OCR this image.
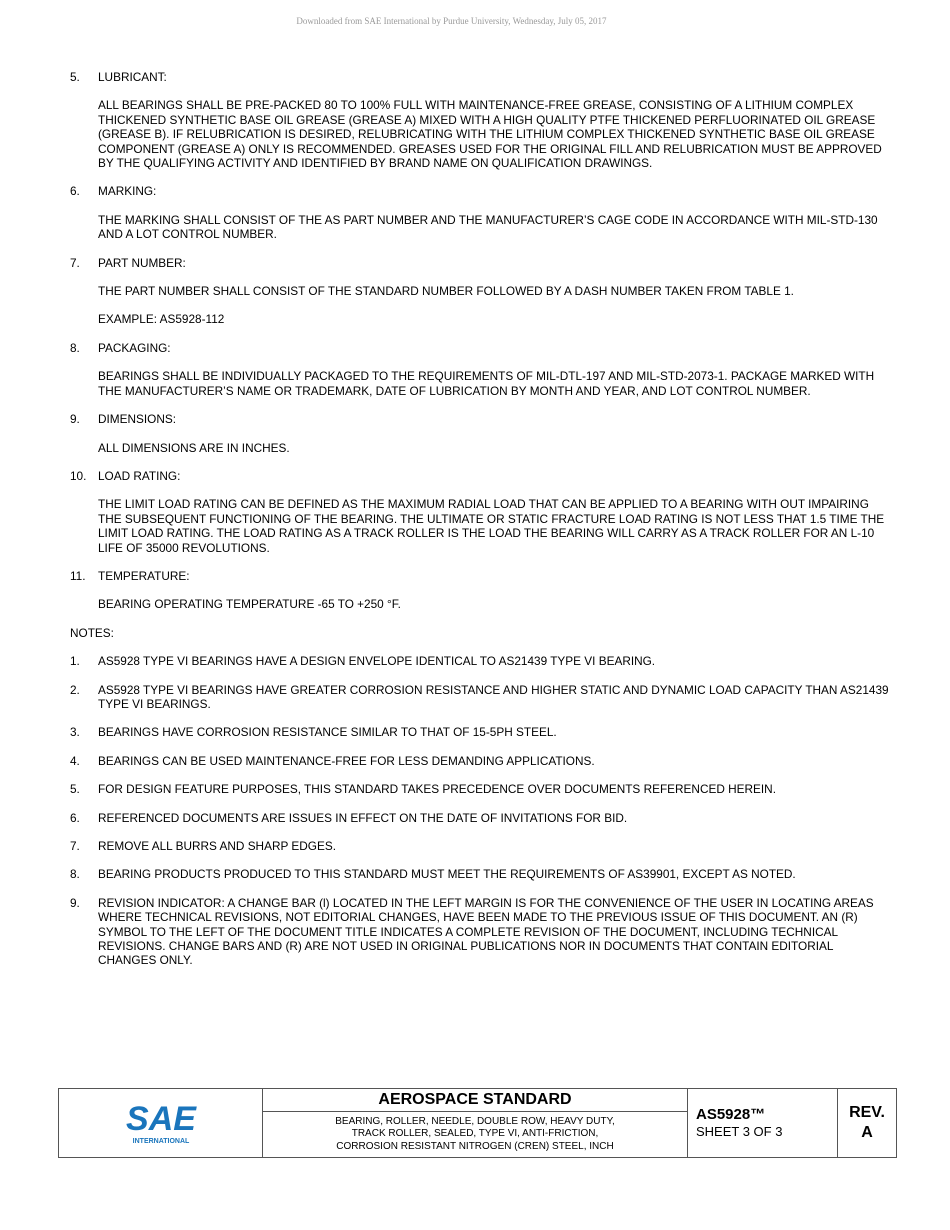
Downloaded from SAE International by Purdue University, Wednesday, July 05, 2017
5.	LUBRICANT:

ALL BEARINGS SHALL BE PRE-PACKED 80 TO 100% FULL WITH MAINTENANCE-FREE GREASE, CONSISTING OF A LITHIUM COMPLEX THICKENED SYNTHETIC BASE OIL GREASE (GREASE A) MIXED WITH A HIGH QUALITY PTFE THICKENED PERFLUORINATED OIL GREASE (GREASE B). IF RELUBRICATION IS DESIRED, RELUBRICATING WITH THE LITHIUM COMPLEX THICKENED SYNTHETIC BASE OIL GREASE COMPONENT (GREASE A) ONLY IS RECOMMENDED. GREASES USED FOR THE ORIGINAL FILL AND RELUBRICATION MUST BE APPROVED BY THE QUALIFYING ACTIVITY AND IDENTIFIED BY BRAND NAME ON QUALIFICATION DRAWINGS.

6.	MARKING:

THE MARKING SHALL CONSIST OF THE AS PART NUMBER AND THE MANUFACTURER’S CAGE CODE IN ACCORDANCE WITH MIL-STD-130 AND A LOT CONTROL NUMBER.

7.	PART NUMBER:

THE PART NUMBER SHALL CONSIST OF THE STANDARD NUMBER FOLLOWED BY A DASH NUMBER TAKEN FROM TABLE 1.

EXAMPLE: AS5928-112

8.	PACKAGING:

BEARINGS SHALL BE INDIVIDUALLY PACKAGED TO THE REQUIREMENTS OF MIL-DTL-197 AND MIL-STD-2073-1. PACKAGE MARKED WITH THE MANUFACTURER’S NAME OR TRADEMARK, DATE OF LUBRICATION BY MONTH AND YEAR, AND LOT CONTROL NUMBER.

9.	DIMENSIONS:

ALL DIMENSIONS ARE IN INCHES.

10. LOAD RATING:

THE LIMIT LOAD RATING CAN BE DEFINED AS THE MAXIMUM RADIAL LOAD THAT CAN BE APPLIED TO A BEARING WITH OUT IMPAIRING THE SUBSEQUENT FUNCTIONING OF THE BEARING. THE ULTIMATE OR STATIC FRACTURE LOAD RATING IS NOT LESS THAT 1.5 TIME THE LIMIT LOAD RATING. THE LOAD RATING AS A TRACK ROLLER IS THE LOAD THE BEARING WILL CARRY AS A TRACK ROLLER FOR AN L-10 LIFE OF 35000 REVOLUTIONS.

11.	TEMPERATURE:

BEARING OPERATING TEMPERATURE -65 TO +250 °F.

NOTES:
1.	AS5928 TYPE VI BEARINGS HAVE A DESIGN ENVELOPE IDENTICAL TO AS21439 TYPE VI BEARING.
2.	AS5928 TYPE VI BEARINGS HAVE GREATER CORROSION RESISTANCE AND HIGHER STATIC AND DYNAMIC LOAD CAPACITY THAN AS21439 TYPE VI BEARINGS.
3.	BEARINGS HAVE CORROSION RESISTANCE SIMILAR TO THAT OF 15-5PH STEEL.
4.	BEARINGS CAN BE USED MAINTENANCE-FREE FOR LESS DEMANDING APPLICATIONS.
5.	FOR DESIGN FEATURE PURPOSES, THIS STANDARD TAKES PRECEDENCE OVER DOCUMENTS REFERENCED HEREIN.
6.	REFERENCED DOCUMENTS ARE ISSUES IN EFFECT ON THE DATE OF INVITATIONS FOR BID.
7.	REMOVE ALL BURRS AND SHARP EDGES.
8.	BEARING PRODUCTS PRODUCED TO THIS STANDARD MUST MEET THE REQUIREMENTS OF AS39901, EXCEPT AS NOTED.
9.	REVISION INDICATOR: A CHANGE BAR (l) LOCATED IN THE LEFT MARGIN IS FOR THE CONVENIENCE OF THE USER IN LOCATING AREAS WHERE TECHNICAL REVISIONS, NOT EDITORIAL CHANGES, HAVE BEEN MADE TO THE PREVIOUS ISSUE OF THIS DOCUMENT. AN (R) SYMBOL TO THE LEFT OF THE DOCUMENT TITLE INDICATES A COMPLETE REVISION OF THE DOCUMENT, INCLUDING TECHNICAL REVISIONS. CHANGE BARS AND (R) ARE NOT USED IN ORIGINAL PUBLICATIONS NOR IN DOCUMENTS THAT CONTAIN EDITORIAL CHANGES ONLY.
SAE
INTERNATIONAL
AEROSPACE STANDARD
BEARING, ROLLER, NEEDLE, DOUBLE ROW, HEAVY DUTY,
TRACK ROLLER, SEALED, TYPE VI, ANTI-FRICTION,
CORROSION RESISTANT NITROGEN (CREN) STEEL, INCH
AS5928™
SHEET 3 OF 3
REV.
A
